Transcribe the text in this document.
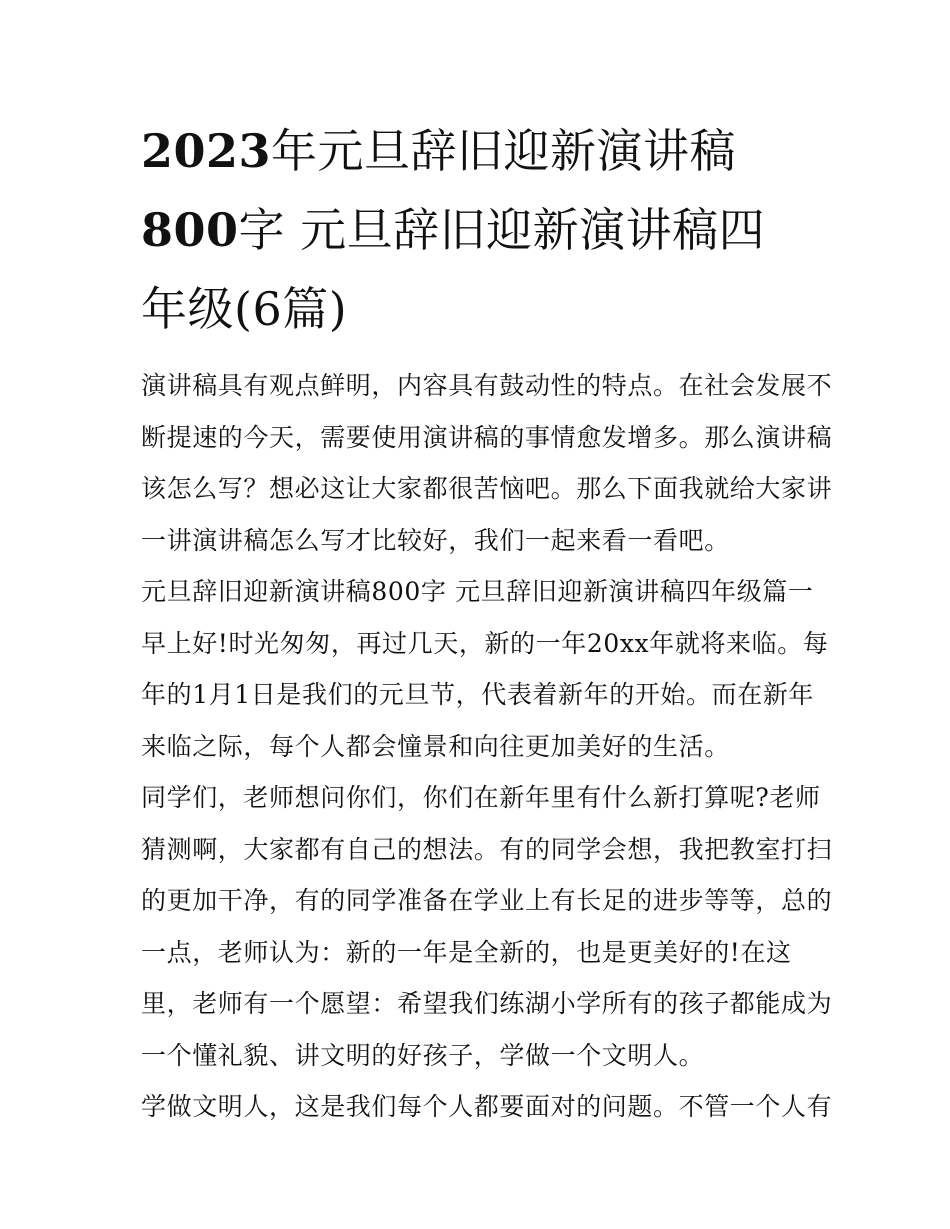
2023年元旦辞旧迎新演讲稿
800字 元旦辞旧迎新演讲稿四
年级(6篇)
演讲稿具有观点鲜明，内容具有鼓动性的特点。在社会发展不
断提速的今天，需要使用演讲稿的事情愈发增多。那么演讲稿
该怎么写？想必这让大家都很苦恼吧。那么下面我就给大家讲
一讲演讲稿怎么写才比较好，我们一起来看一看吧。
元旦辞旧迎新演讲稿800字 元旦辞旧迎新演讲稿四年级篇一
早上好!时光匆匆，再过几天，新的一年20xx年就将来临。每
年的1月1日是我们的元旦节，代表着新年的开始。而在新年
来临之际，每个人都会憧景和向往更加美好的生活。
同学们，老师想问你们，你们在新年里有什么新打算呢?老师
猜测啊，大家都有自己的想法。有的同学会想，我把教室打扫
的更加干净，有的同学准备在学业上有长足的进步等等，总的
一点，老师认为：新的一年是全新的，也是更美好的!在这
里，老师有一个愿望：希望我们练湖小学所有的孩子都能成为
一个懂礼貌、讲文明的好孩子，学做一个文明人。
学做文明人，这是我们每个人都要面对的问题。不管一个人有
